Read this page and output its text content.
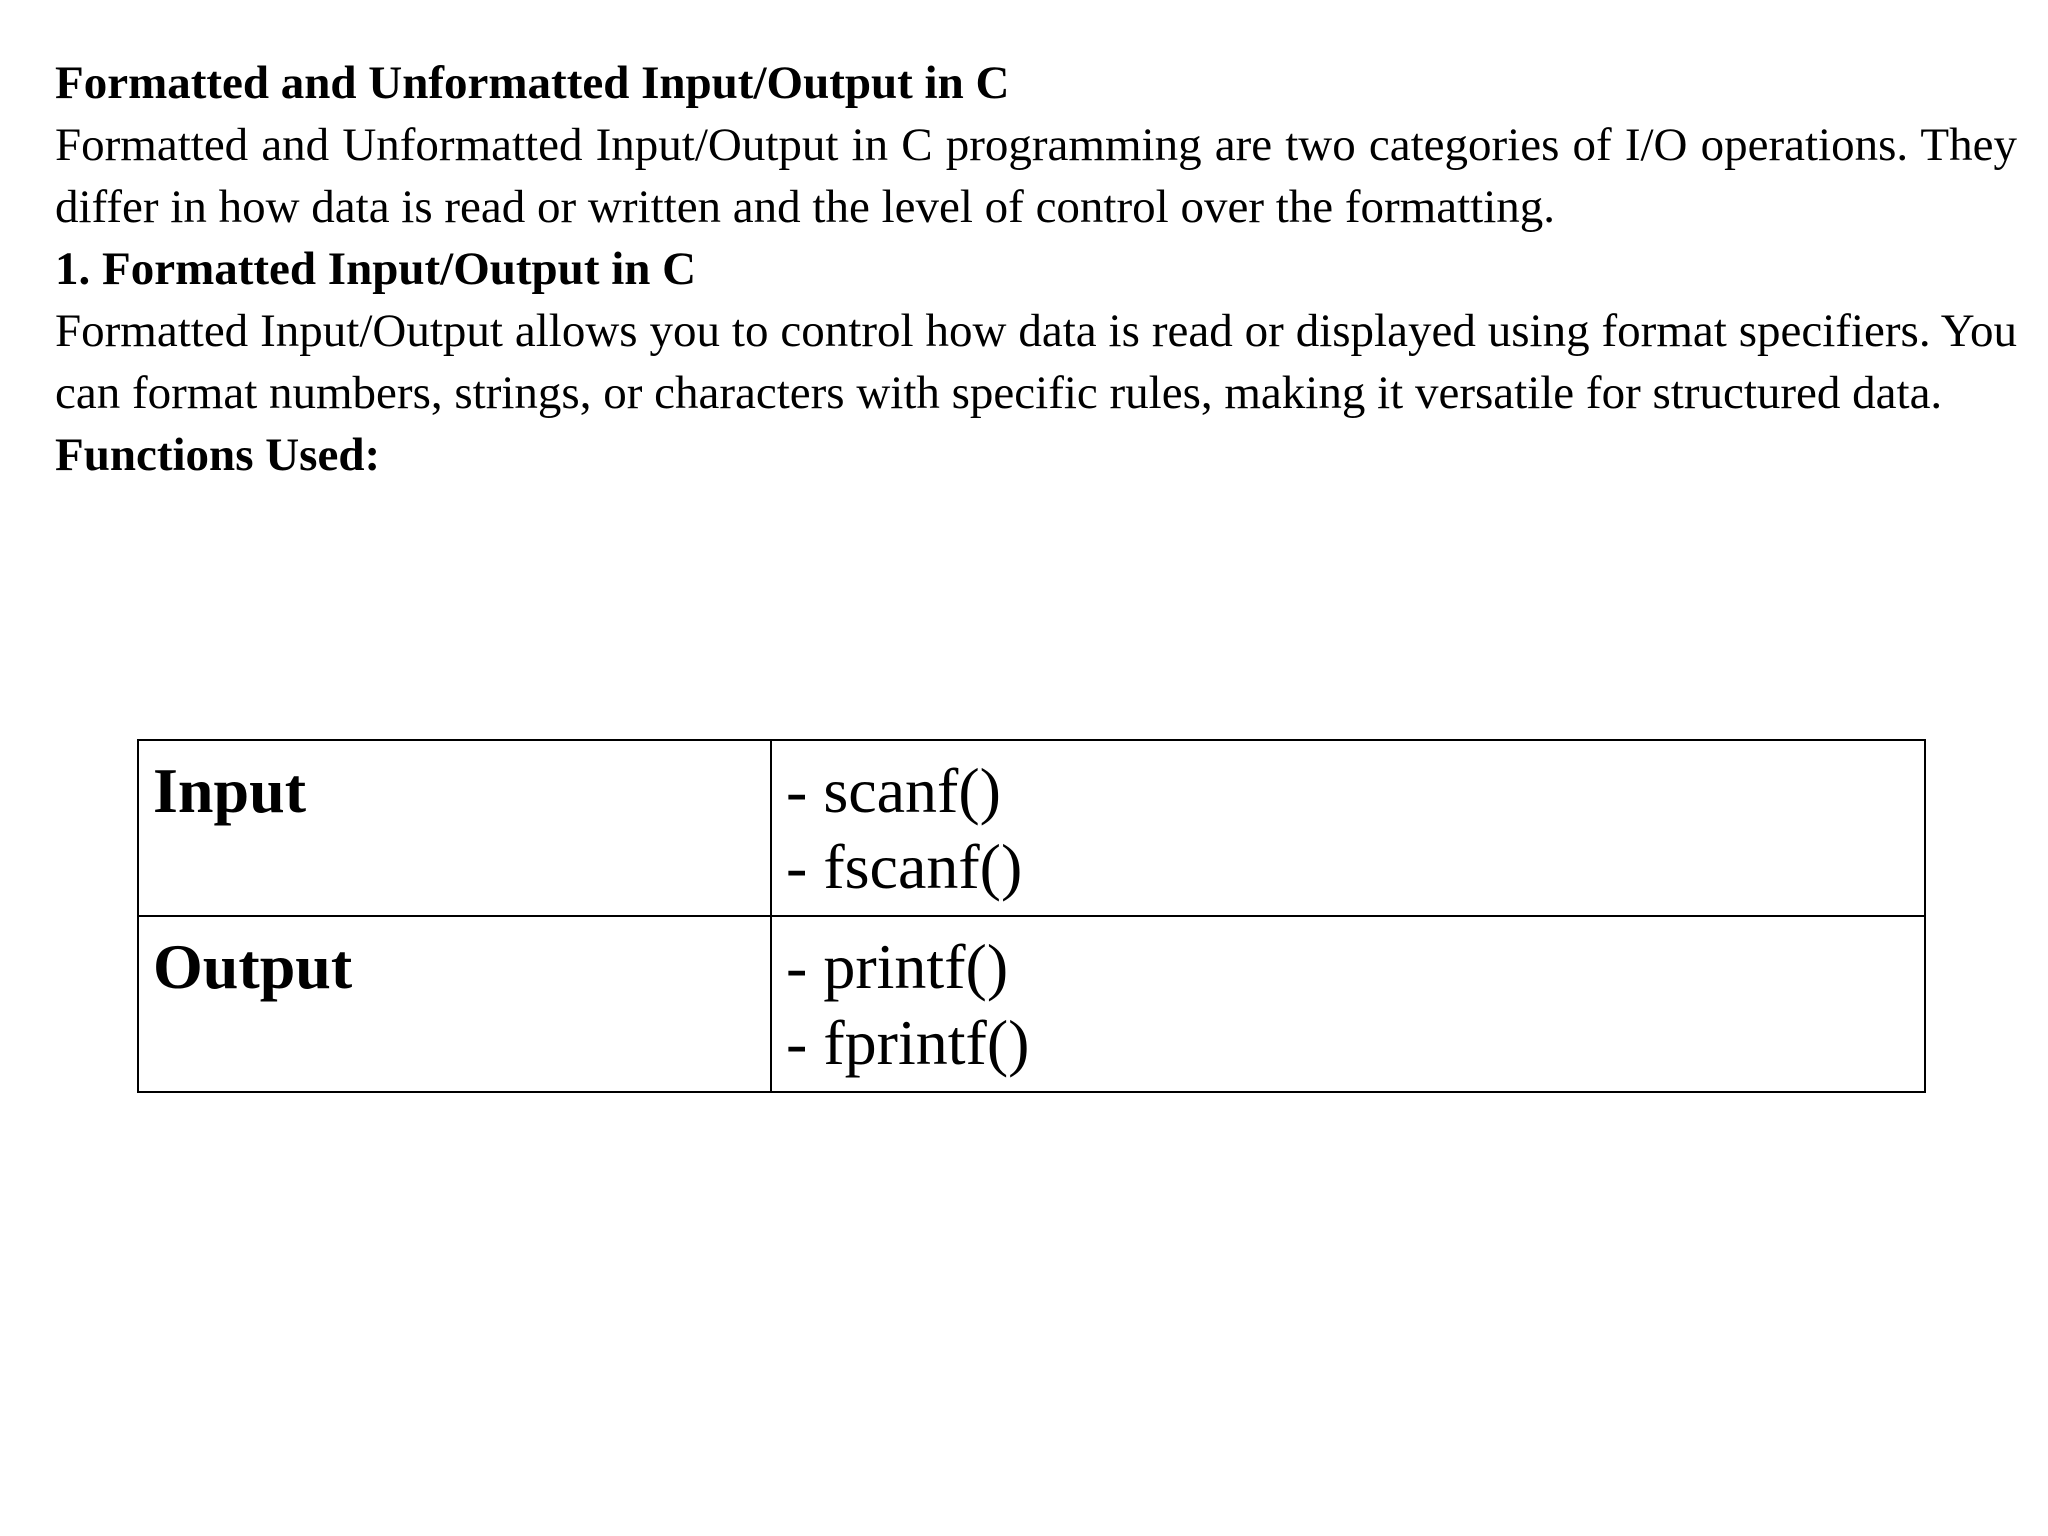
Formatted and Unformatted Input/Output in C

Formatted and Unformatted Input/Output in C programming are two categories of I/O operations. They differ in how data is read or written and the level of control over the formatting.

1. Formatted Input/Output in C

Formatted Input/Output allows you to control how data is read or displayed using format specifiers. You can format numbers, strings, or characters with specific rules, making it versatile for structured data.

Functions Used:

Input	- scanf()
- fscanf()

Output	- printf()
- fprintf()
